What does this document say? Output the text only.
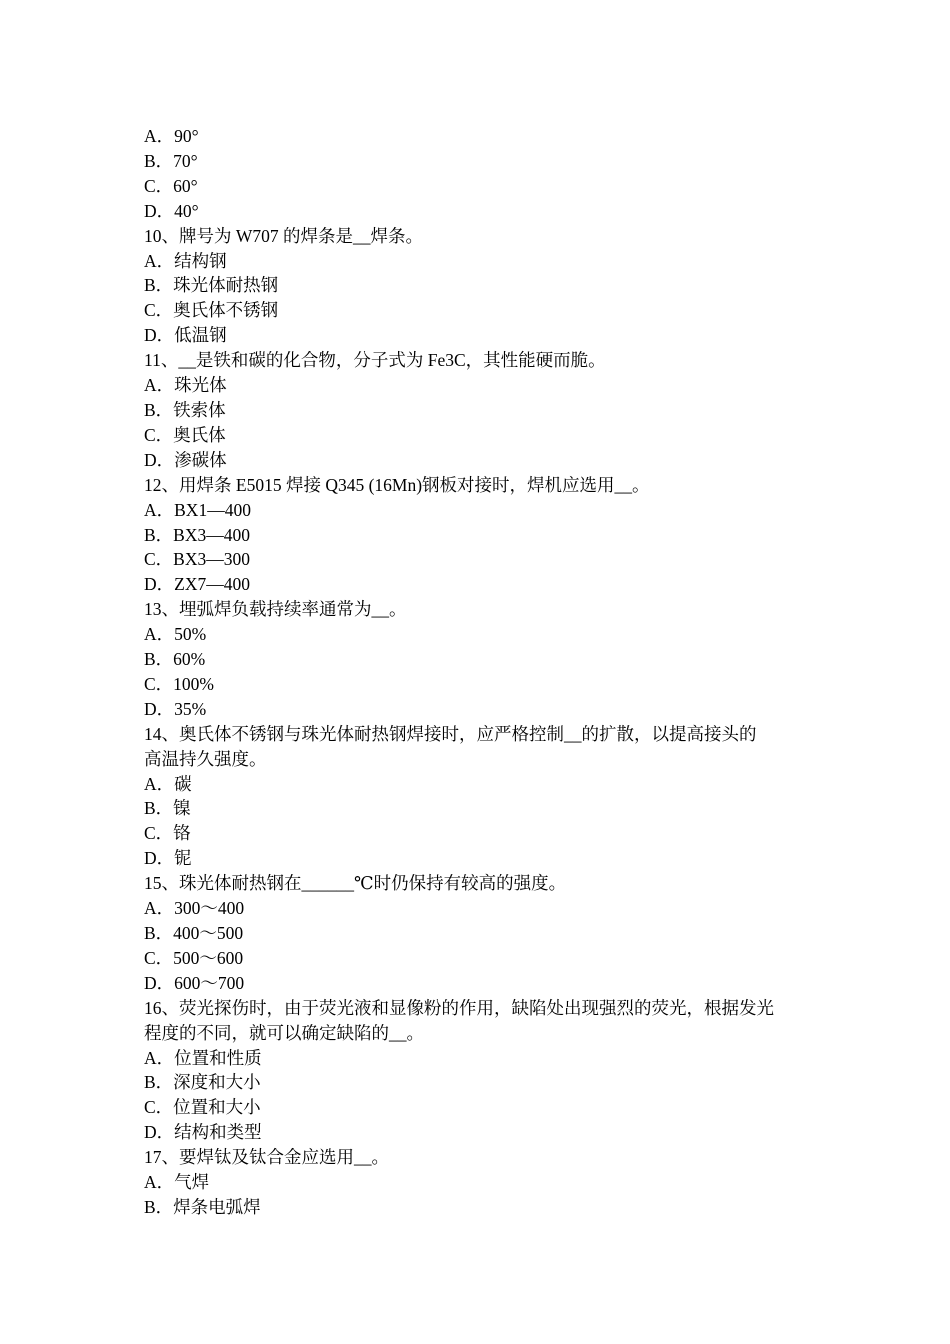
A．90°
B．70°
C．60°
D．40°
10、牌号为 W707 的焊条是__焊条。
A．结构钢
B．珠光体耐热钢
C．奥氏体不锈钢
D．低温钢
11、__是铁和碳的化合物，分子式为 Fe3C，其性能硬而脆。
A．珠光体
B．铁索体
C．奥氏体
D．渗碳体
12、用焊条 E5015 焊接 Q345 (16Mn)钢板对接时，焊机应选用__。
A．BX1—400
B．BX3—400
C．BX3—300
D．ZX7—400
13、埋弧焊负载持续率通常为__。
A．50%
B．60%
C．100%
D．35%
14、奥氏体不锈钢与珠光体耐热钢焊接时，应严格控制__的扩散，以提高接头的
高温持久强度。
A．碳
B．镍
C．铬
D．铌
15、珠光体耐热钢在______℃时仍保持有较高的强度。
A．300～400
B．400～500
C．500～600
D．600～700
16、荧光探伤时，由于荧光液和显像粉的作用，缺陷处出现强烈的荧光，根据发光
程度的不同，就可以确定缺陷的__。
A．位置和性质
B．深度和大小
C．位置和大小
D．结构和类型
17、要焊钛及钛合金应选用__。
A．气焊
B．焊条电弧焊
